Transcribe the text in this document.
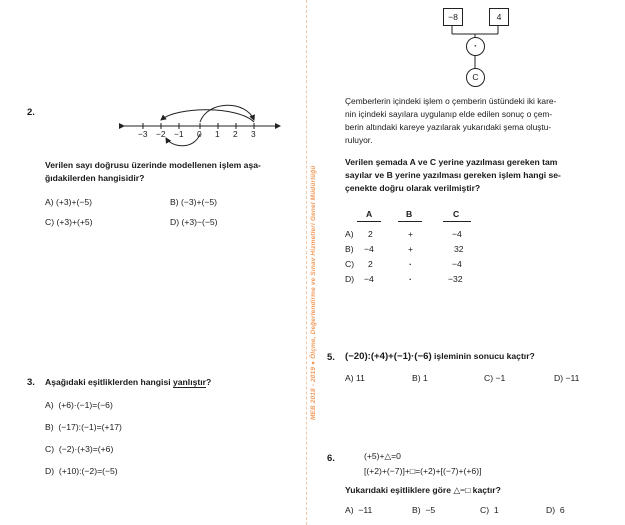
MEB 2018 - 2019 ● Ölçme, Değerlendirme ve Sınav Hizmetleri Genel Müdürlüğü
2.
−3 −2 −1 0 1 2 3
Verilen sayı doğrusu üzerinde modellenen işlem aşa-
ğıdakilerden hangisidir?
A) (+3)+(−5)	B) (−3)+(−5)
C) (+3)+(+5)	D) (+3)−(−5)
3. Aşağıdaki eşitliklerden hangisi yanlıştır?
A) (+6)·(−1)=(−6)
B) (−17):(−1)=(+17)
C) (−2)·(+3)=(+6)
D) (+10):(−2)=(−5)
−8	4
·
C
Çemberlerin içindeki işlem o çemberin üstündeki iki kare-
nin içindeki sayılara uygulanıp elde edilen sonuç o çem-
berin altındaki kareye yazılarak yukarıdaki şema oluştu-
ruluyor.
Verilen şemada A ve C yerine yazılması gereken tam
sayılar ve B yerine yazılması gereken işlem hangi se-
çenekte doğru olarak verilmiştir?
A	B	C
A) 2	+	−4
B) −4	+	32
C) 2	·	−4
D) −4	·	−32
5. (−20):(+4)+(−1)·(−6) işleminin sonucu kaçtır?
A) 11	B) 1	C) −1	D) −11
6.	(+5)+△=0
[(+2)+(−7)]+□=(+2)+[(−7)+(+6)]
Yukarıdaki eşitliklere göre △−□ kaçtır?
A) −11	B) −5	C) 1	D) 6
